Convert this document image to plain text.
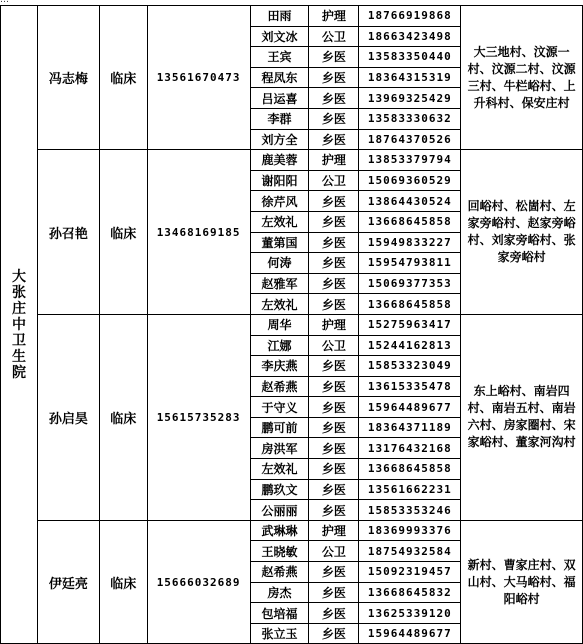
…
大张庄中卫生院	冯志梅	临床	13561670473	田雨	护理	18766919868	大三地村、汶源一村、汶源二村、汶源三村、牛栏峪村、上升科村、保安庄村
				刘文冰	公卫	18663423498	
				王宾	乡医	13583350440	
				程凤东	乡医	18364315319	
				吕运喜	乡医	13969325429	
				李群	乡医	13583330632	
				刘方全	乡医	18764370526	
	孙召艳	临床	13468169185	鹿美蓉	护理	13853379794	回峪村、松崮村、左家旁峪村、赵家旁峪村、刘家旁峪村、张家旁峪村
				谢阳阳	公卫	15069360529	
				徐芹风	乡医	13864430524	
				左效礼	乡医	13668645858	
				董第国	乡医	15949833227	
				何涛	乡医	15954793811	
				赵雅军	乡医	15069377353	
				左效礼	乡医	13668645858	
	孙启昊	临床	15615735283	周华	护理	15275963417	东上峪村、南岩四村、南岩五村、南岩六村、房家圈村、宋家峪村、董家河沟村
				江娜	公卫	15244162813	
				李庆燕	乡医	15853323049	
				赵希燕	乡医	13615335478	
				于守义	乡医	15964489677	
				鹏可前	乡医	18364371189	
				房洪军	乡医	13176432168	
				左效礼	乡医	13668645858	
				鹏玖文	乡医	13561662231	
				公丽丽	乡医	15853353246	
	伊廷亮	临床	15666032689	武琳琳	护理	18369993376	新村、曹家庄村、双山村、大马峪村、福阳峪村
				王晓敏	公卫	18754932584	
				赵希燕	乡医	15092319457	
				房杰	乡医	13668645832	
				包培福	乡医	13625339120	
				张立玉	乡医	15964489677	
